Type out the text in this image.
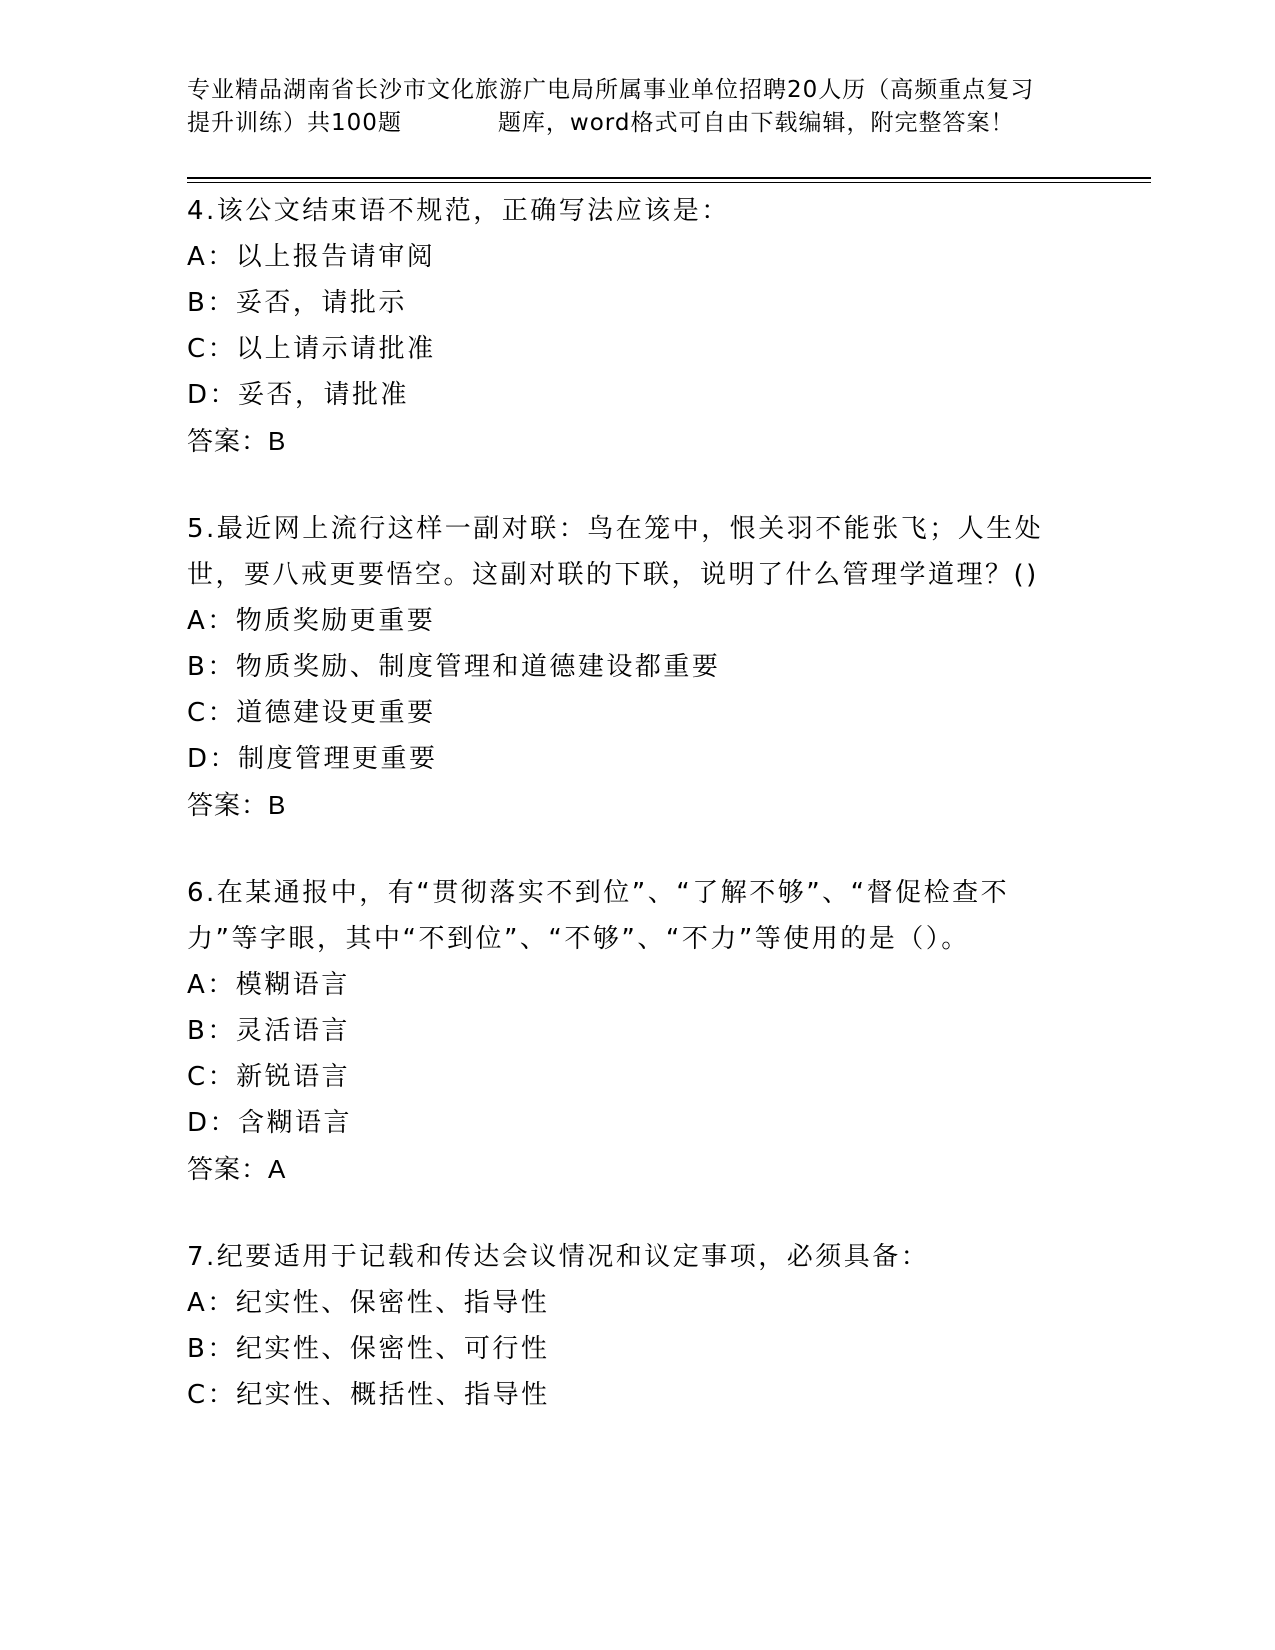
专业精品湖南省长沙市文化旅游广电局所属事业单位招聘20人历（高频重点复习
提升训练）共100题	题库，word格式可自由下载编辑，附完整答案！

4.该公文结束语不规范，正确写法应该是：

A：以上报告请审阅
B：妥否，请批示
C：以上请示请批准
D：妥否，请批准
答案：B

5.最近网上流行这样一副对联：鸟在笼中，恨关羽不能张飞；人生处世，要八戒更要悟空。这副对联的下联，说明了什么管理学道理？()

A：物质奖励更重要
B：物质奖励、制度管理和道德建设都重要
C：道德建设更重要
D：制度管理更重要
答案：B

6.在某通报中，有“贯彻落实不到位”、“了解不够”、“督促检查不力”等字眼，其中“不到位”、“不够”、“不力”等使用的是（）。

A：模糊语言
B：灵活语言
C：新锐语言
D：含糊语言
答案：A

7.纪要适用于记载和传达会议情况和议定事项，必须具备：

A：纪实性、保密性、指导性
B：纪实性、保密性、可行性
C：纪实性、概括性、指导性
